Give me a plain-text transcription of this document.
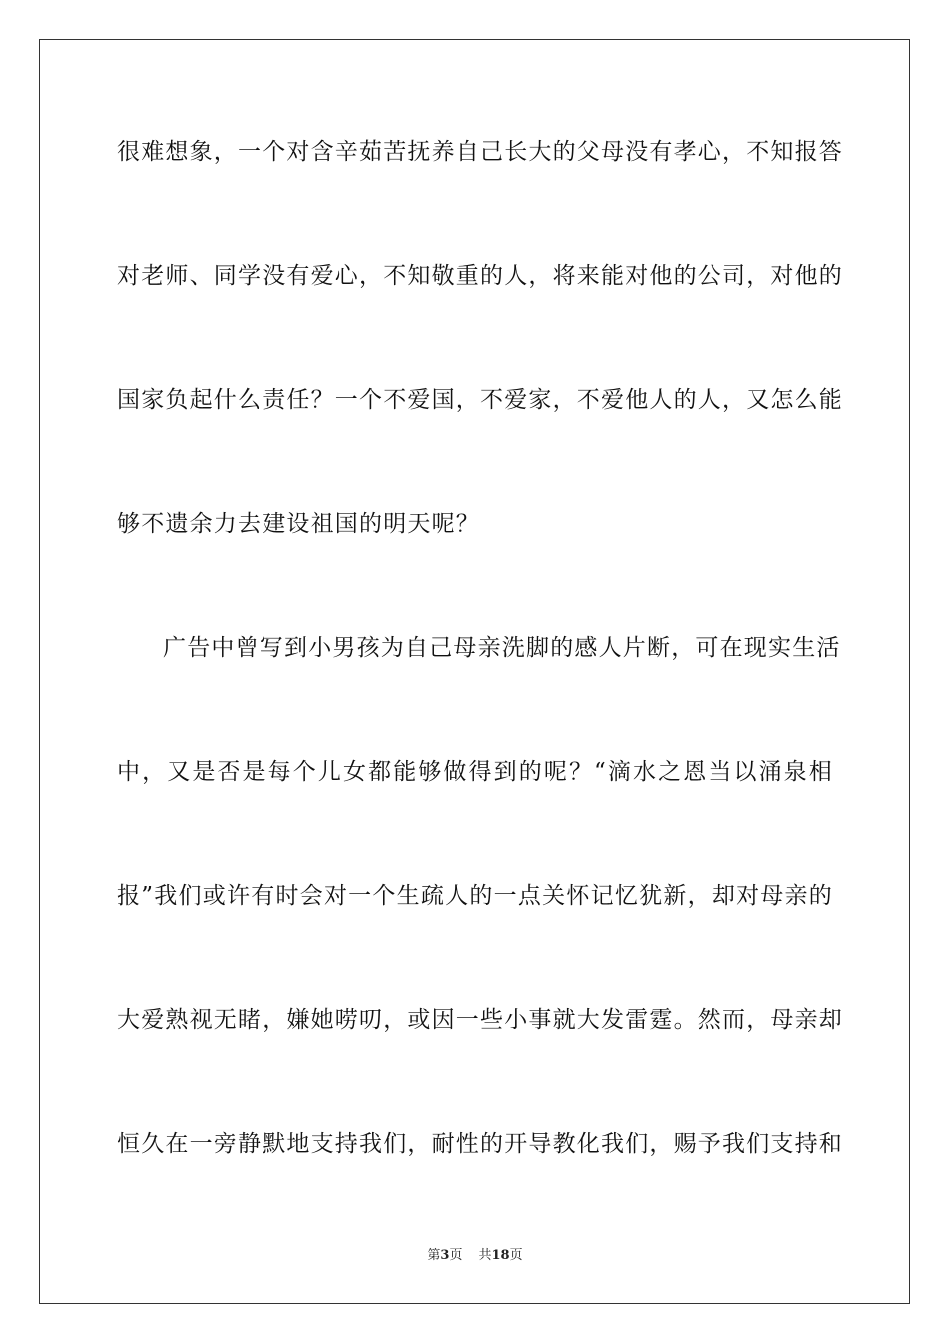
很难想象，一个对含辛茹苦抚养自己长大的父母没有孝心，不知报答
对老师、同学没有爱心，不知敬重的人，将来能对他的公司，对他的
国家负起什么责任？一个不爱国，不爱家，不爱他人的人，又怎么能
够不遗余力去建设祖国的明天呢？
广告中曾写到小男孩为自己母亲洗脚的感人片断，可在现实生活
中，又是否是每个儿女都能够做得到的呢？“滴水之恩当以涌泉相
报”我们或许有时会对一个生疏人的一点关怀记忆犹新，却对母亲的
大爱熟视无睹，嫌她唠叨，或因一些小事就大发雷霆。然而，母亲却
恒久在一旁静默地支持我们，耐性的开导教化我们，赐予我们支持和
第3页 共18页
